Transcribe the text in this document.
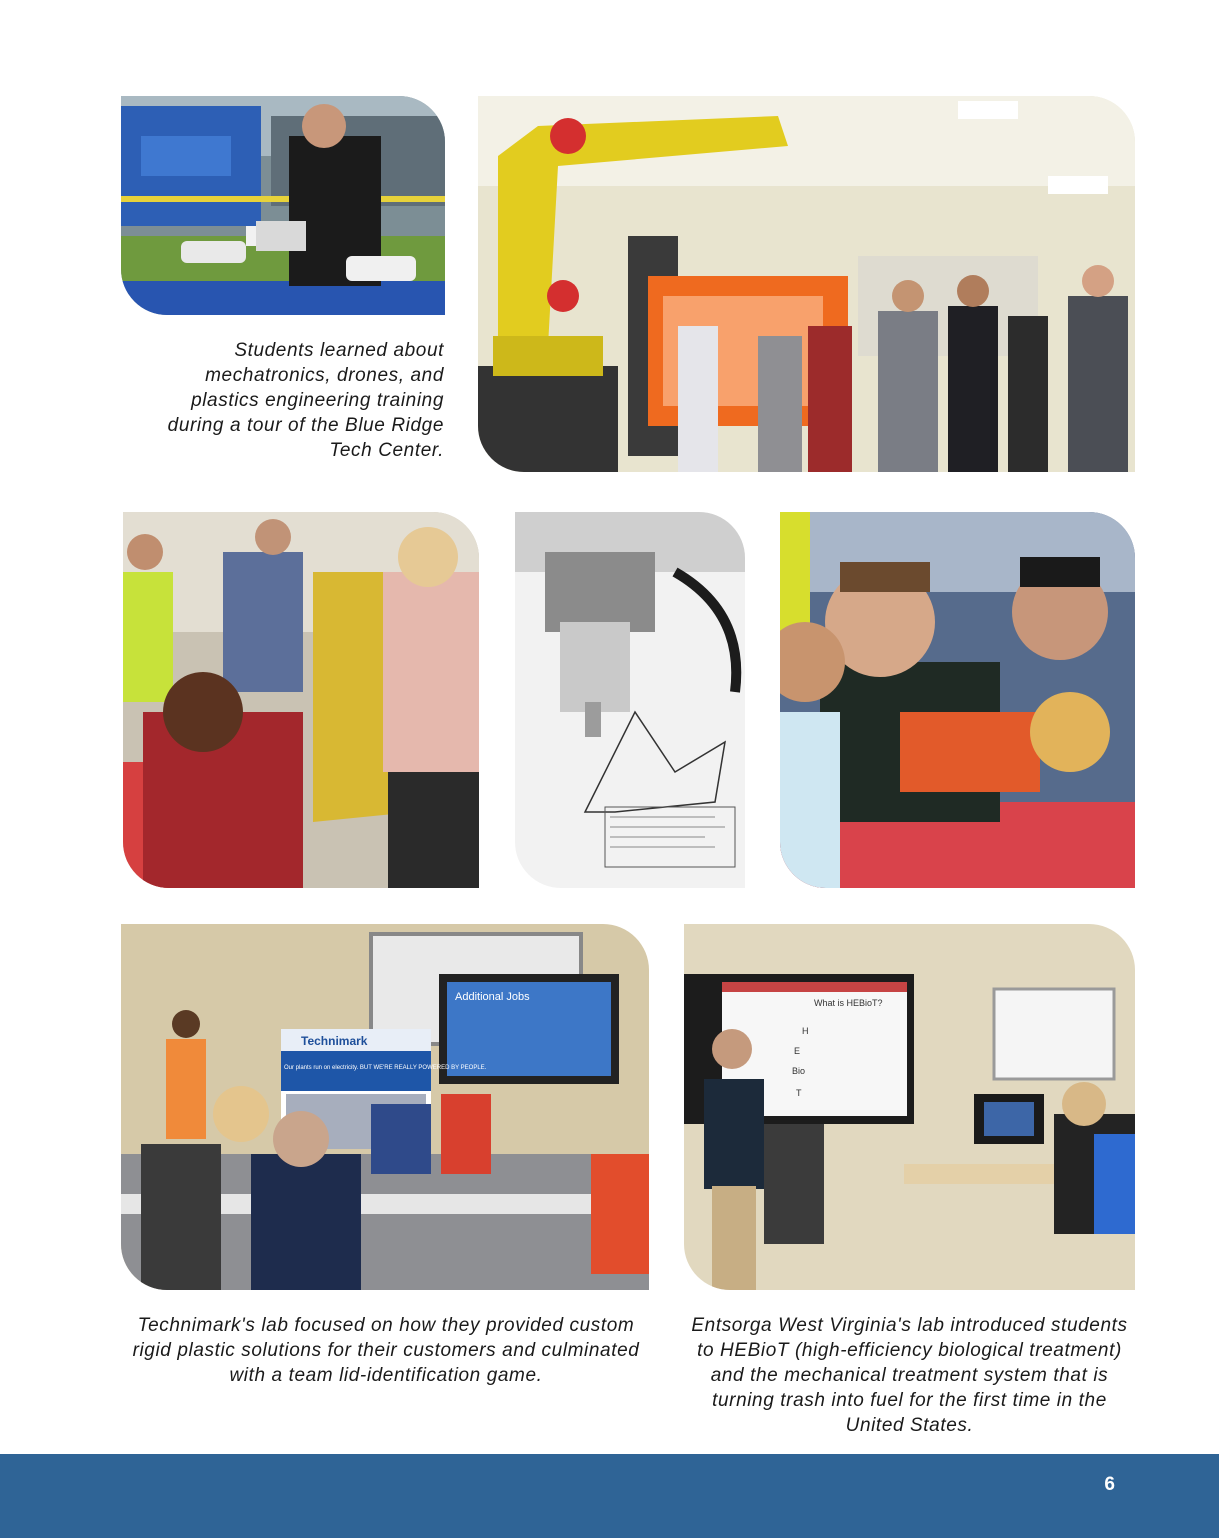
Students learned about mechatronics, drones, and plastics engineering training during a tour of the Blue Ridge Tech Center.

Additional Jobs
Technimark
Our plants run on electricity. BUT WE'RE REALLY POWERED BY PEOPLE.
What is HEBioT?
H
E
Bio
T

Technimark's lab focused on how they provided custom rigid plastic solutions for their customers and culminated with a team lid-identification game.

Entsorga West Virginia's lab introduced students to HEBioT (high-efficiency biological treatment) and the mechanical treatment system that is turning trash into fuel for the first time in the United States.

6
